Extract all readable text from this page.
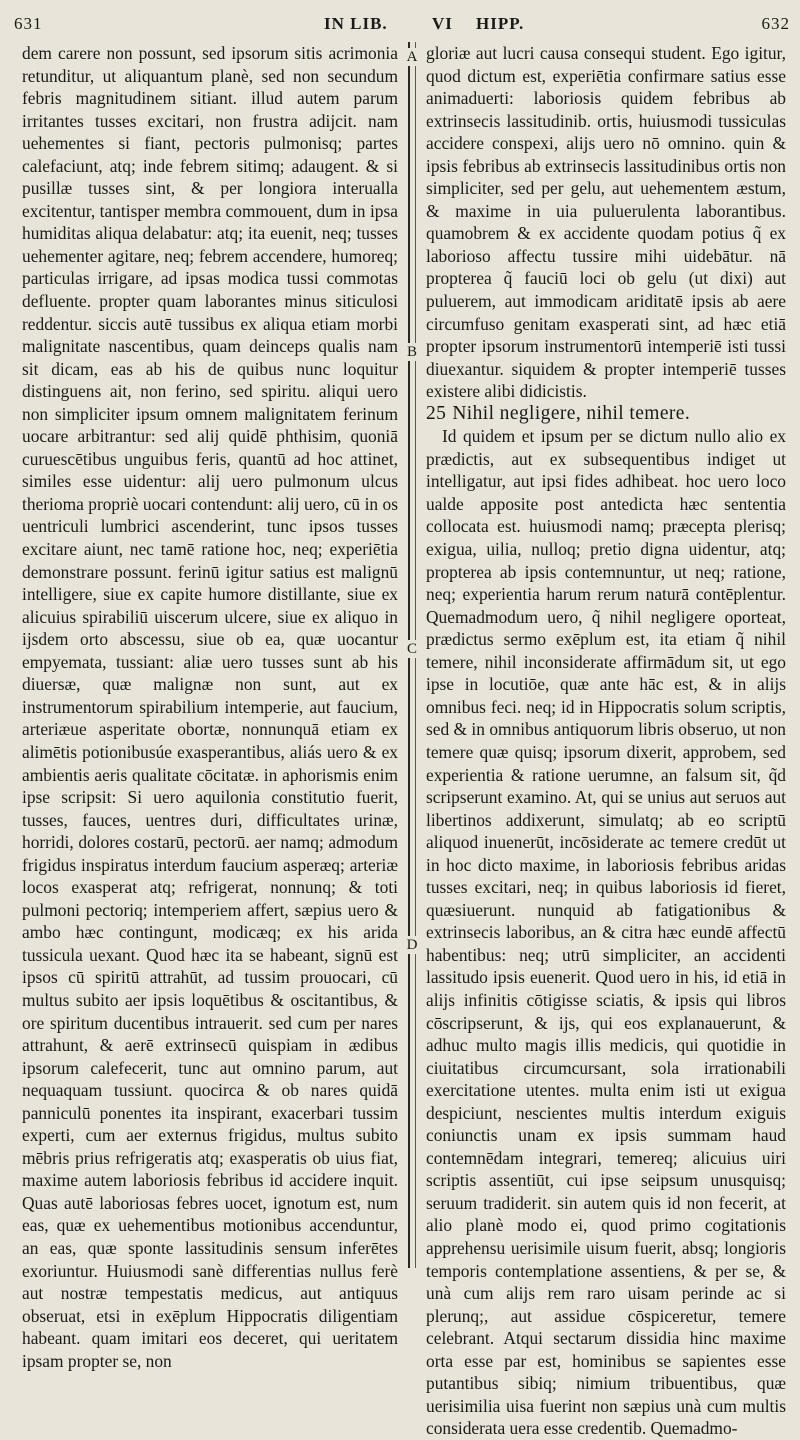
631	IN LIB.	VI HIPP.	632

dem carere non possunt, sed ipsorum sitis acrimonia retunditur, ut aliquantum planè, sed non secundum febris magnitudinem sitiant. illud autem parum irritantes tusses excitari, non frustra adijcit. nam uehementes si fiant, pectoris pulmonisq; partes calefaciunt, atq; inde febrem sitimq; adaugent. & si pusillæ tusses sint, & per longiora interualla excitentur, tantisper membra commouent, dum in ipsa humiditas aliqua delabatur: atq; ita euenit, neq; tusses uehementer agitare, neq; febrem accendere, humoreq; particulas irrigare, ad ipsas modica tussi commotas defluente. propter quam laborantes minus siticulosi reddentur. siccis autē tussibus ex aliqua etiam morbi malignitate nascentibus, quam deinceps qualis nam sit dicam, eas ab his de quibus nunc loquitur distinguens ait, non ferino, sed spiritu. aliqui uero non simpliciter ipsum omnem malignitatem ferinum uocare arbitrantur: sed alij quidē phthisim, quoniā curuescētibus unguibus feris, quantū ad hoc attinet, similes esse uidentur: alij uero pulmonum ulcus therioma propriè uocari contendunt: alij uero, cū in os uentriculi lumbrici ascenderint, tunc ipsos tusses excitare aiunt, nec tamē ratione hoc, neq; experiētia demonstrare possunt. ferinū igitur satius est malignū intelligere, siue ex capite humore distillante, siue ex alicuius spirabiliū uiscerum ulcere, siue ex aliquo in ijsdem orto abscessu, siue ob ea, quæ uocantur empyemata, tussiant: aliæ uero tusses sunt ab his diuersæ, quæ malignæ non sunt, aut ex instrumentorum spirabilium intemperie, aut faucium, arteriæue asperitate obortæ, nonnunquā etiam ex alimētis potionibusúe exasperantibus, aliás uero & ex ambientis aeris qualitate cōcitatæ. in aphorismis enim ipse scripsit: Si uero aquilonia constitutio fuerit, tusses, fauces, uentres duri, difficultates urinæ, horridi, dolores costarū, pectorū. aer namq; admodum frigidus inspiratus interdum faucium asperæq; arteriæ locos exasperat atq; refrigerat, nonnunq; & toti pulmoni pectoriq; intemperiem affert, sæpius uero & ambo hæc contingunt, modicæq; ex his arida tussicula uexant. Quod hæc ita se habeant, signū est ipsos cū spiritū attrahūt, ad tussim prouocari, cū multus subito aer ipsis loquētibus & oscitantibus, & ore spiritum ducentibus intrauerit. sed cum per nares attrahunt, & aerē extrinsecū quispiam in ædibus ipsorum calefecerit, tunc aut omnino parum, aut nequaquam tussiunt. quocirca & ob nares quidā panniculū ponentes ita inspirant, exacerbari tussim experti, cum aer externus frigidus, multus subito mēbris prius refrigeratis atq; exasperatis ob uius fiat, maxime autem laboriosis febribus id accidere inquit. Quas autē laboriosas febres uocet, ignotum est, num eas, quæ ex uehementibus motionibus accenduntur, an eas, quæ sponte lassitudinis sensum inferētes exoriuntur. Huiusmodi sanè differentias nullus ferè aut nostræ tempestatis medicus, aut antiquus obseruat, etsi in exēplum Hippocratis diligentiam habeant. quam imitari eos deceret, qui ueritatem ipsam propter se, non

A
B
C
D

gloriæ aut lucri causa consequi student. Ego igitur, quod dictum est, experiētia confirmare satius esse animaduerti: laboriosis quidem febribus ab extrinsecis lassitudinib. ortis, huiusmodi tussiculas accidere conspexi, alijs uero nō omnino. quin & ipsis febribus ab extrinsecis lassitudinibus ortis non simpliciter, sed per gelu, aut uehementem æstum, & maxime in uia puluerulenta laborantibus. quamobrem & ex accidente quodam potius q̃ ex laborioso affectu tussire mihi uidebātur. nā propterea q̃ fauciū loci ob gelu (ut dixi) aut puluerem, aut immodicam ariditatē ipsis ab aere circumfuso genitam exasperati sint, ad hæc etiā propter ipsorum instrumentorū intemperiē isti tussi diuexantur. siquidem & propter intemperiē tusses existere alibi didicistis.

25 Nihil negligere, nihil temere.

Id quidem et ipsum per se dictum nullo alio ex prædictis, aut ex subsequentibus indiget ut intelligatur, aut ipsi fides adhibeat. hoc uero loco ualde apposite post antedicta hæc sententia collocata est. huiusmodi namq; præcepta plerisq; exigua, uilia, nulloq; pretio digna uidentur, atq; propterea ab ipsis contemnuntur, ut neq; ratione, neq; experientia harum rerum naturā contēplentur. Quemadmodum uero, q̃ nihil negligere oporteat, prædictus sermo exēplum est, ita etiam q̃ nihil temere, nihil inconsiderate affirmādum sit, ut ego ipse in locutiōe, quæ ante hāc est, & in alijs omnibus feci. neq; id in Hippocratis solum scriptis, sed & in omnibus antiquorum libris obseruo, ut non temere quæ quisq; ipsorum dixerit, approbem, sed experientia & ratione uerumne, an falsum sit, q̃d scripserunt examino. At, qui se unius aut seruos aut libertinos addixerunt, simulatq; ab eo scriptū aliquod inuenerūt, incōsiderate ac temere credūt ut in hoc dicto maxime, in laboriosis febribus aridas tusses excitari, neq; in quibus laboriosis id fieret, quæsiuerunt. nunquid ab fatigationibus & extrinsecis laboribus, an & citra hæc eundē affectū habentibus: neq; utrū simpliciter, an accidenti lassitudo ipsis euenerit. Quod uero in his, id etiā in alijs infinitis cōtigisse sciatis, & ipsis qui libros cōscripserunt, & ijs, qui eos explanauerunt, & adhuc multo magis illis medicis, qui quotidie in ciuitatibus circumcursant, sola irrationabili exercitatione utentes. multa enim isti ut exigua despiciunt, nescientes multis interdum exiguis coniunctis unam ex ipsis summam haud contemnēdam integrari, temereq; alicuius uiri scriptis assentiūt, cui ipse seipsum unusquisq; seruum tradiderit. sin autem quis id non fecerit, at alio planè modo ei, quod primo cogitationis apprehensu uerisimile uisum fuerit, absq; longioris temporis contemplatione assentiens, & per se, & unà cum alijs rem raro uisam perinde ac si plerunq;, aut assidue cōspiceretur, temere celebrant. Atqui sectarum dissidia hinc maxime orta esse par est, hominibus se sapientes esse putantibus sibiq; nimium tribuentibus, quæ uerisimilia uisa fuerint non sæpius unà cum multis considerata uera esse credentib. Quemadmo-
